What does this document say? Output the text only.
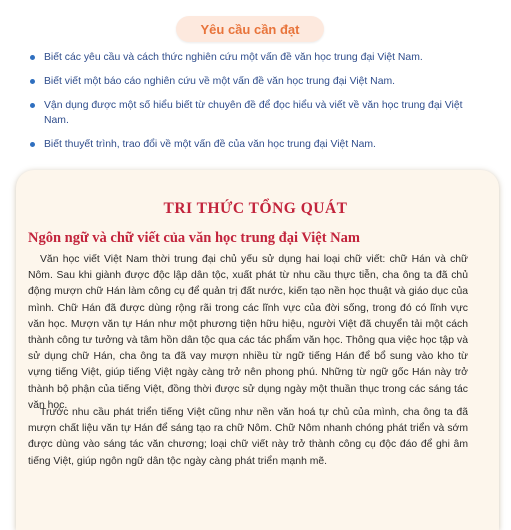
Yêu cầu cần đạt
Biết các yêu cầu và cách thức nghiên cứu một vấn đề văn học trung đại Việt Nam.
Biết viết một báo cáo nghiên cứu về một vấn đề văn học trung đại Việt Nam.
Vận dụng được một số hiểu biết từ chuyên đề để đọc hiểu và viết về văn học trung đại Việt Nam.
Biết thuyết trình, trao đổi về một vấn đề của văn học trung đại Việt Nam.
TRI THỨC TỔNG QUÁT
Ngôn ngữ và chữ viết của văn học trung đại Việt Nam

Văn học viết Việt Nam thời trung đại chủ yếu sử dụng hai loại chữ viết: chữ Hán và chữ Nôm. Sau khi giành được độc lập dân tộc, xuất phát từ nhu cầu thực tiễn, cha ông ta đã chủ động mượn chữ Hán làm công cụ để quản trị đất nước, kiến tạo nền học thuật và giáo dục của mình. Chữ Hán đã được dùng rộng rãi trong các lĩnh vực của đời sống, trong đó có lĩnh vực văn học. Mượn văn tự Hán như một phương tiện hữu hiệu, người Việt đã chuyển tải một cách thành công tư tưởng và tâm hồn dân tộc qua các tác phẩm văn học. Thông qua việc học tập và sử dụng chữ Hán, cha ông ta đã vay mượn nhiều từ ngữ tiếng Hán để bổ sung vào kho từ vựng tiếng Việt, giúp tiếng Việt ngày càng trở nên phong phú. Những từ ngữ gốc Hán này trở thành bộ phận của tiếng Việt, đồng thời được sử dụng ngày một thuần thục trong các sáng tác văn học.

Trước nhu cầu phát triển tiếng Việt cũng như nền văn hoá tự chủ của mình, cha ông ta đã mượn chất liệu văn tự Hán để sáng tạo ra chữ Nôm. Chữ Nôm nhanh chóng phát triển và sớm được dùng vào sáng tác văn chương; loại chữ viết này trở thành công cụ độc đáo để ghi âm tiếng Việt, giúp ngôn ngữ dân tộc ngày càng phát triển mạnh mẽ.
